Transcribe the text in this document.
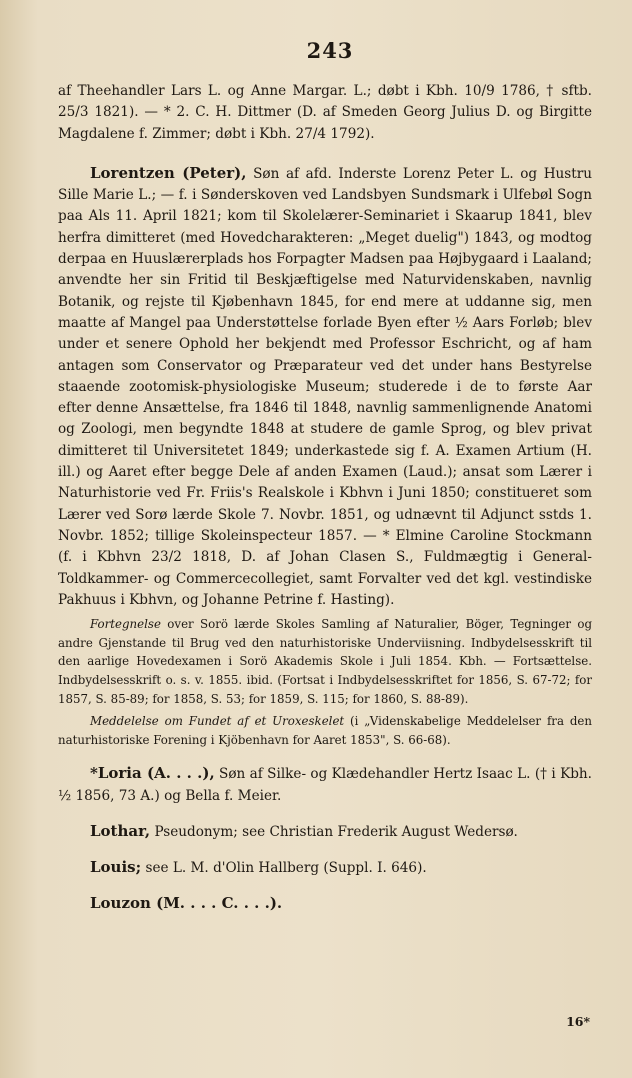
243

af Theehandler Lars L. og Anne Margar. L.; døbt i Kbh. 10/9 1786, † sftb. 25/3 1821). — * 2. C. H. Dittmer (D. af Smeden Georg Julius D. og Birgitte Magdalene f. Zimmer; døbt i Kbh. 27/4 1792).

Lorentzen (Peter), Søn af afd. Inderste Lorenz Peter L. og Hustru Sille Marie L.; — f. i Sønderskoven ved Landsbyen Sundsmark i Ulfebøl Sogn paa Als 11. April 1821; kom til Skolelærer-Seminariet i Skaarup 1841, blev herfra dimitteret (med Hovedcharakteren: „Meget duelig") 1843, og modtog derpaa en Huuslærerplads hos Forpagter Madsen paa Højbygaard i Laaland; anvendte her sin Fritid til Beskjæftigelse med Naturvidenskaben, navnlig Botanik, og rejste til Kjøbenhavn 1845, for end mere at uddanne sig, men maatte af Mangel paa Understøttelse forlade Byen efter ½ Aars Forløb; blev under et senere Ophold her bekjendt med Professor Eschricht, og af ham antagen som Conservator og Præparateur ved det under hans Bestyrelse staaende zootomisk-physiologiske Museum; studerede i de to første Aar efter denne Ansættelse, fra 1846 til 1848, navnlig sammenlignende Anatomi og Zoologi, men begyndte 1848 at studere de gamle Sprog, og blev privat dimitteret til Universitetet 1849; underkastede sig f. A. Examen Artium (H. ill.) og Aaret efter begge Dele af anden Examen (Laud.); ansat som Lærer i Naturhistorie ved Fr. Friis's Realskole i Kbhvn i Juni 1850; constitueret som Lærer ved Sorø lærde Skole 7. Novbr. 1851, og udnævnt til Adjunct sstds 1. Novbr. 1852; tillige Skoleinspecteur 1857. — * Elmine Caroline Stockmann (f. i Kbhvn 23/2 1818, D. af Johan Clasen S., Fuldmægtig i General-Toldkammer- og Commercecollegiet, samt Forvalter ved det kgl. vestindiske Pakhuus i Kbhvn, og Johanne Petrine f. Hasting).

Fortegnelse over Sorö lærde Skoles Samling af Naturalier, Böger, Tegninger og andre Gjenstande til Brug ved den naturhistoriske Underviisning. Indbydelsesskrift til den aarlige Hovedexamen i Sorö Akademis Skole i Juli 1854. Kbh. — Fortsættelse. Indbydelsesskrift o. s. v. 1855. ibid. (Fortsat i Indbydelsesskriftet for 1856, S. 67-72; for 1857, S. 85-89; for 1858, S. 53; for 1859, S. 115; for 1860, S. 88-89).

Meddelelse om Fundet af et Uroxeskelet (i „Videnskabelige Meddelelser fra den naturhistoriske Forening i Kjöbenhavn for Aaret 1853", S. 66-68).

*Loria (A. . . .), Søn af Silke- og Klædehandler Hertz Isaac L. († i Kbh. ½ 1856, 73 A.) og Bella f. Meier.

Lothar, Pseudonym; see Christian Frederik August Wedersø.

Louis; see L. M. d'Olin Hallberg (Suppl. I. 646).

Louzon (M. . . . C. . . .).

16*
